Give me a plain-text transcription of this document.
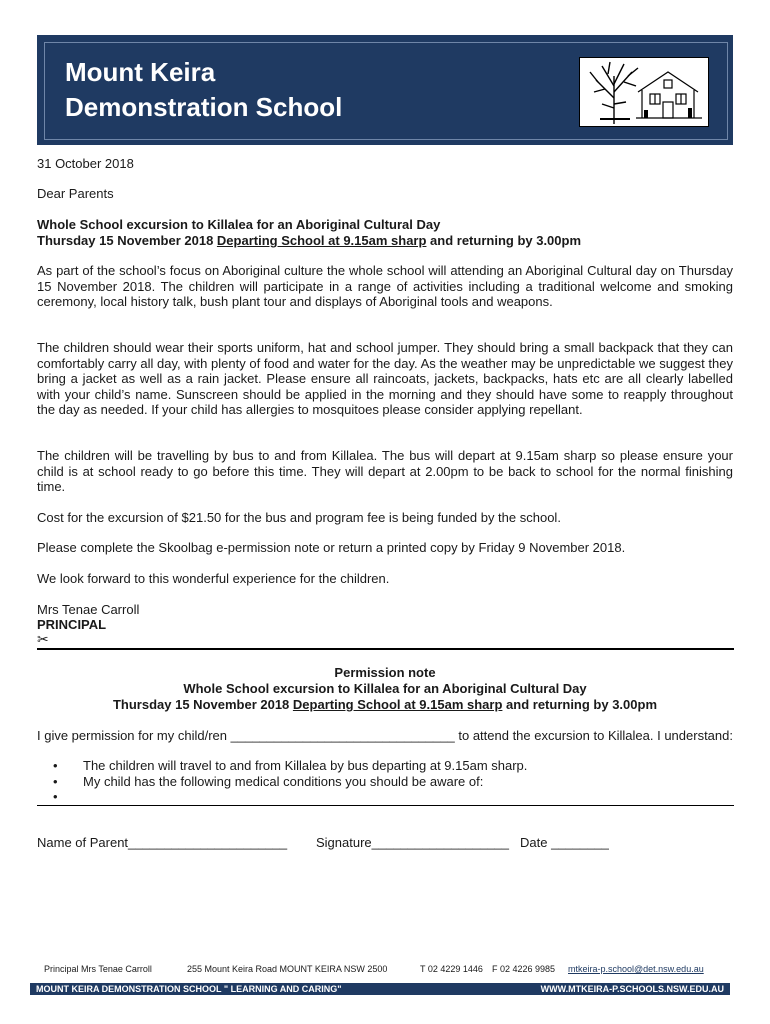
Mount Keira
Demonstration School

31 October 2018

Dear Parents

Whole School excursion to Killalea for an Aboriginal Cultural Day

Thursday 15 November 2018 Departing School at 9.15am sharp and returning by 3.00pm

As part of the school’s focus on Aboriginal culture the whole school will attending an Aboriginal Cultural day on Thursday 15 November 2018. The children will participate in a range of activities including a traditional welcome and smoking ceremony, local history talk, bush plant tour and displays of Aboriginal tools and weapons.

The children should wear their sports uniform, hat and school jumper. They should bring a small backpack that they can comfortably carry all day, with plenty of food and water for the day. As the weather may be unpredictable we suggest they bring a jacket as well as a rain jacket. Please ensure all raincoats, jackets, backpacks, hats etc are all clearly labelled with your child’s name. Sunscreen should be applied in the morning and they should have some to reapply throughout the day as needed. If your child has allergies to mosquitoes please consider applying repellant.

The children will be travelling by bus to and from Killalea. The bus will depart at 9.15am sharp so please ensure your child is at school ready to go before this time. They will depart at 2.00pm to be back to school for the normal finishing time.

Cost for the excursion of $21.50 for the bus and program fee is being funded by the school.

Please complete the Skoolbag e-permission note or return a printed copy by Friday 9 November 2018.

We look forward to this wonderful experience for the children.

Mrs Tenae Carroll

PRINCIPAL

✂

Permission note

Whole School excursion to Killalea for an Aboriginal Cultural Day

Thursday 15 November 2018 Departing School at 9.15am sharp and returning by 3.00pm

I give permission for my child/ren _______________________________ to attend the excursion to Killalea. I understand:

• The children will travel to and from Killalea by bus departing at 9.15am sharp.
• My child has the following medical conditions you should be aware of:
•
Name of Parent______________________ Signature___________________ Date ________
Principal Mrs Tenae Carroll	255 Mount Keira Road MOUNT KEIRA NSW 2500	T 02 4229 1446 F 02 4226 9985 mtkeira-p.school@det.nsw.edu.au
MOUNT KEIRA DEMONSTRATION SCHOOL " LEARNING AND CARING"	WWW.MTKEIRA-P.SCHOOLS.NSW.EDU.AU
